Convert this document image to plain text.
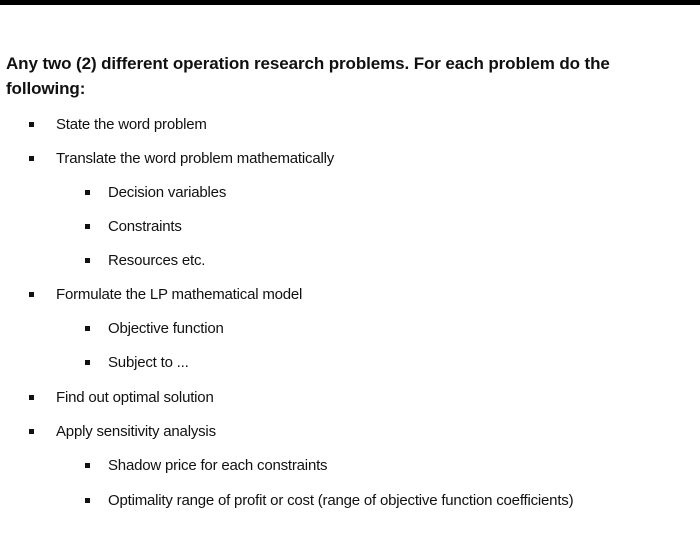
Any two (2) different operation research problems. For each problem do the following:

State the word problem
Translate the word problem mathematically
Decision variables
Constraints
Resources etc.
Formulate the LP mathematical model
Objective function
Subject to ...
Find out optimal solution
Apply sensitivity analysis
Shadow price for each constraints
Optimality range of profit or cost (range of objective function coefficients)
